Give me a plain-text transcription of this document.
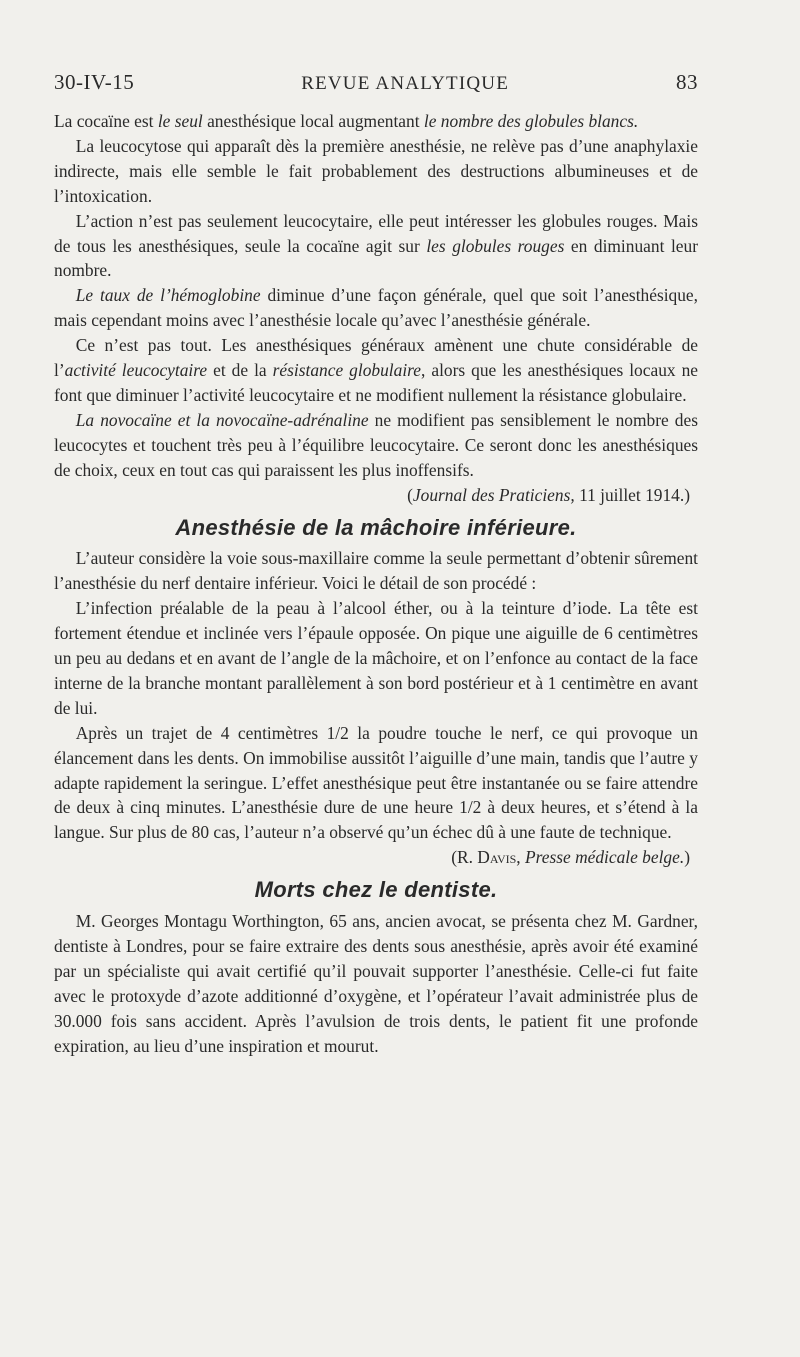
30-IV-15	REVUE ANALYTIQUE	83

La cocaïne est le seul anesthésique local augmentant le nombre des globules blancs.

La leucocytose qui apparaît dès la première anesthésie, ne relève pas d’une anaphylaxie indirecte, mais elle semble le fait probablement des destructions albumineuses et de l’intoxication.

L’action n’est pas seulement leucocytaire, elle peut intéresser les globules rouges. Mais de tous les anesthésiques, seule la cocaïne agit sur les globules rouges en diminuant leur nombre.

Le taux de l’hémoglobine diminue d’une façon générale, quel que soit l’anesthésique, mais cependant moins avec l’anesthésie locale qu’avec l’anesthésie générale.

Ce n’est pas tout. Les anesthésiques généraux amènent une chute considérable de l’activité leucocytaire et de la résistance globulaire, alors que les anesthésiques locaux ne font que diminuer l’activité leucocytaire et ne modifient nullement la résistance globulaire.

La novocaïne et la novocaïne-adrénaline ne modifient pas sensiblement le nombre des leucocytes et touchent très peu à l’équilibre leucocytaire. Ce seront donc les anesthésiques de choix, ceux en tout cas qui paraissent les plus inoffensifs.

(Journal des Praticiens, 11 juillet 1914.)

Anesthésie de la mâchoire inférieure.

L’auteur considère la voie sous-maxillaire comme la seule permettant d’obtenir sûrement l’anesthésie du nerf dentaire inférieur. Voici le détail de son procédé :

L’infection préalable de la peau à l’alcool éther, ou à la teinture d’iode. La tête est fortement étendue et inclinée vers l’épaule opposée. On pique une aiguille de 6 centimètres un peu au dedans et en avant de l’angle de la mâchoire, et on l’enfonce au contact de la face interne de la branche montant parallèlement à son bord postérieur et à 1 centimètre en avant de lui.

Après un trajet de 4 centimètres 1/2 la poudre touche le nerf, ce qui provoque un élancement dans les dents. On immobilise aussitôt l’aiguille d’une main, tandis que l’autre y adapte rapidement la seringue. L’effet anesthésique peut être instantanée ou se faire attendre de deux à cinq minutes. L’anesthésie dure de une heure 1/2 à deux heures, et s’étend à la langue. Sur plus de 80 cas, l’auteur n’a observé qu’un échec dû à une faute de technique.

(R. Davis, Presse médicale belge.)

Morts chez le dentiste.

M. Georges Montagu Worthington, 65 ans, ancien avocat, se présenta chez M. Gardner, dentiste à Londres, pour se faire extraire des dents sous anesthésie, après avoir été examiné par un spécialiste qui avait certifié qu’il pouvait supporter l’anesthésie. Celle-ci fut faite avec le protoxyde d’azote additionné d’oxygène, et l’opérateur l’avait administrée plus de 30.000 fois sans accident. Après l’avulsion de trois dents, le patient fit une profonde expiration, au lieu d’une inspiration et mourut.
